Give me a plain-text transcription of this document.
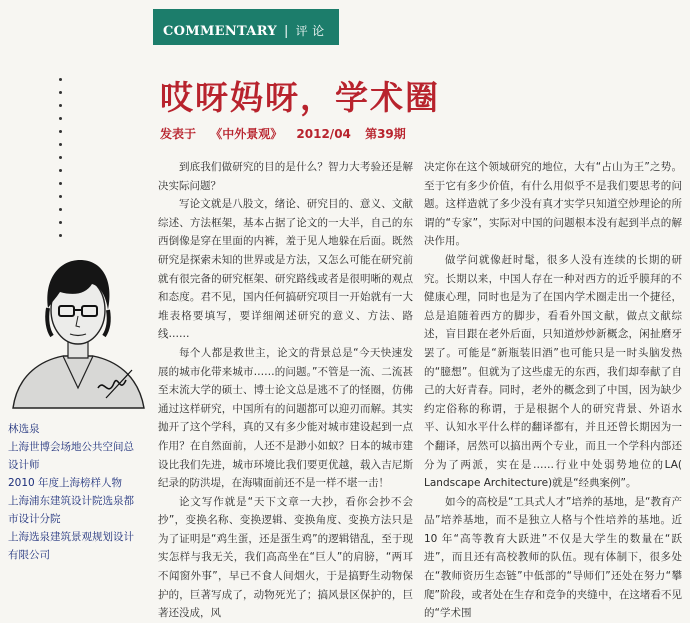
COMMENTARY | 评 论
哎呀妈呀，学术圈
发表于 《中外景观》 2012/04 第39期
林选泉
上海世博会场地公共空间总
设计师
2010 年度上海榜样人物
上海浦东建筑设计院选泉都
市设计分院
上海选泉建筑景观规划设计
有限公司

到底我们做研究的目的是什么？智力大考验还是解决实际问题？

写论文就是八股文，绪论、研究目的、意义、文献综述、方法框架，基本占据了论文的一大半，自己的东西倒像是穿在里面的内裤，羞于见人地躲在后面。既然研究是探索未知的世界或是方法，又怎么可能在研究前就有很完备的研究框架、研究路线或者是很明晰的观点和态度。君不见，国内任何搞研究项目一开始就有一大堆表格要填写，要详细阐述研究的意义、方法、路线……

每个人都是救世主，论文的背景总是“今天快速发展的城市化带来城市……的问题。”不管是一流、二流甚至末流大学的硕士、博士论文总是逃不了的怪圈，仿佛通过这样研究，中国所有的问题都可以迎刃而解。其实抛开了这个学科，真的又有多少能对城市建设起到一点作用？在自然面前，人还不是渺小如蚁？日本的城市建设比我们先进，城市环境比我们要更优越，载入吉尼斯纪录的防洪堤，在海啸面前还不是一样不堪一击！

论文写作就是“天下文章一大抄，看你会抄不会抄”，变换名称、变换逻辑、变换角度、变换方法只是为了证明是“鸡生蛋，还是蛋生鸡”的逻辑错乱，至于现实怎样与我无关，我们高高坐在“巨人”的肩膀，“两耳不闻窗外事”，早已不食人间烟火，于是搞野生动物保护的，巨著写成了，动物死光了；搞风景区保护的，巨著还没成，风

决定你在这个领域研究的地位，大有“占山为王”之势。至于它有多少价值，有什么用似乎不是我们要思考的问题。这样造就了多少没有真才实学只知道空炒理论的所谓的“专家”，实际对中国的问题根本没有起到半点的解决作用。

做学问就像赶时髦，很多人没有连续的长期的研究。长期以来，中国人存在一种对西方的近乎膜拜的不健康心理，同时也是为了在国内学术圈走出一个捷径，总是追随着西方的脚步，看看外国文献，做点文献综述，盲目跟在老外后面，只知道炒炒新概念，闲扯磨牙罢了。可能是“新瓶装旧酒”也可能只是一时头脑发热的“臆想”。但就为了这些虚无的东西，我们却奉献了自己的大好青春。同时，老外的概念到了中国，因为缺少约定俗称的称谓，于是根据个人的研究背景、外语水平、认知水平什么样的翻译都有，并且还曾长期因为一个翻译，居然可以搞出两个专业，而且一个学科内部还分为了两派，实在是……行业中处弱势地位的LA( Landscape Architecture)就是“经典案例”。

如今的高校是“工具式人才”培养的基地，是“教育产品”培养基地，而不是独立人格与个性培养的基地。近10 年“高等教育大跃进”不仅是大学生的数量在“跃进”，而且还有高校教师的队伍。现有体制下，很多处在“教师资历生态链”中低部的“导师们”还处在努力“攀爬”阶段，或者处在生存和竞争的夹缝中，在这堵看不见的“学术围
